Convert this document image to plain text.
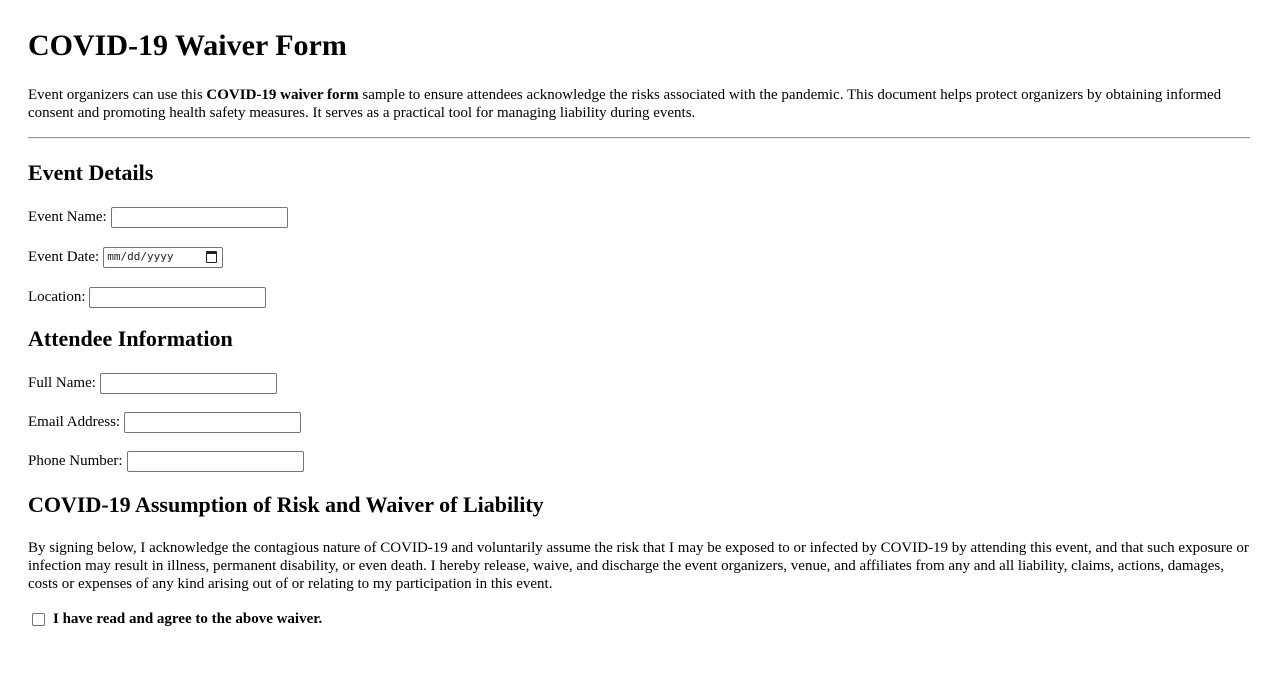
COVID-19 Waiver Form

Event organizers can use this COVID-19 waiver form sample to ensure attendees acknowledge the risks associated with the pandemic. This document helps protect organizers by obtaining informed consent and promoting health safety measures. It serves as a practical tool for managing liability during events.

Event Details
Event Name:
Event Date: mm/dd/yyyy
Location:
Attendee Information
Full Name:
Email Address:
Phone Number:
COVID-19 Assumption of Risk and Waiver of Liability

By signing below, I acknowledge the contagious nature of COVID-19 and voluntarily assume the risk that I may be exposed to or infected by COVID-19 by attending this event, and that such exposure or infection may result in illness, permanent disability, or even death. I hereby release, waive, and discharge the event organizers, venue, and affiliates from any and all liability, claims, actions, damages, costs or expenses of any kind arising out of or relating to my participation in this event.

I have read and agree to the above waiver.
